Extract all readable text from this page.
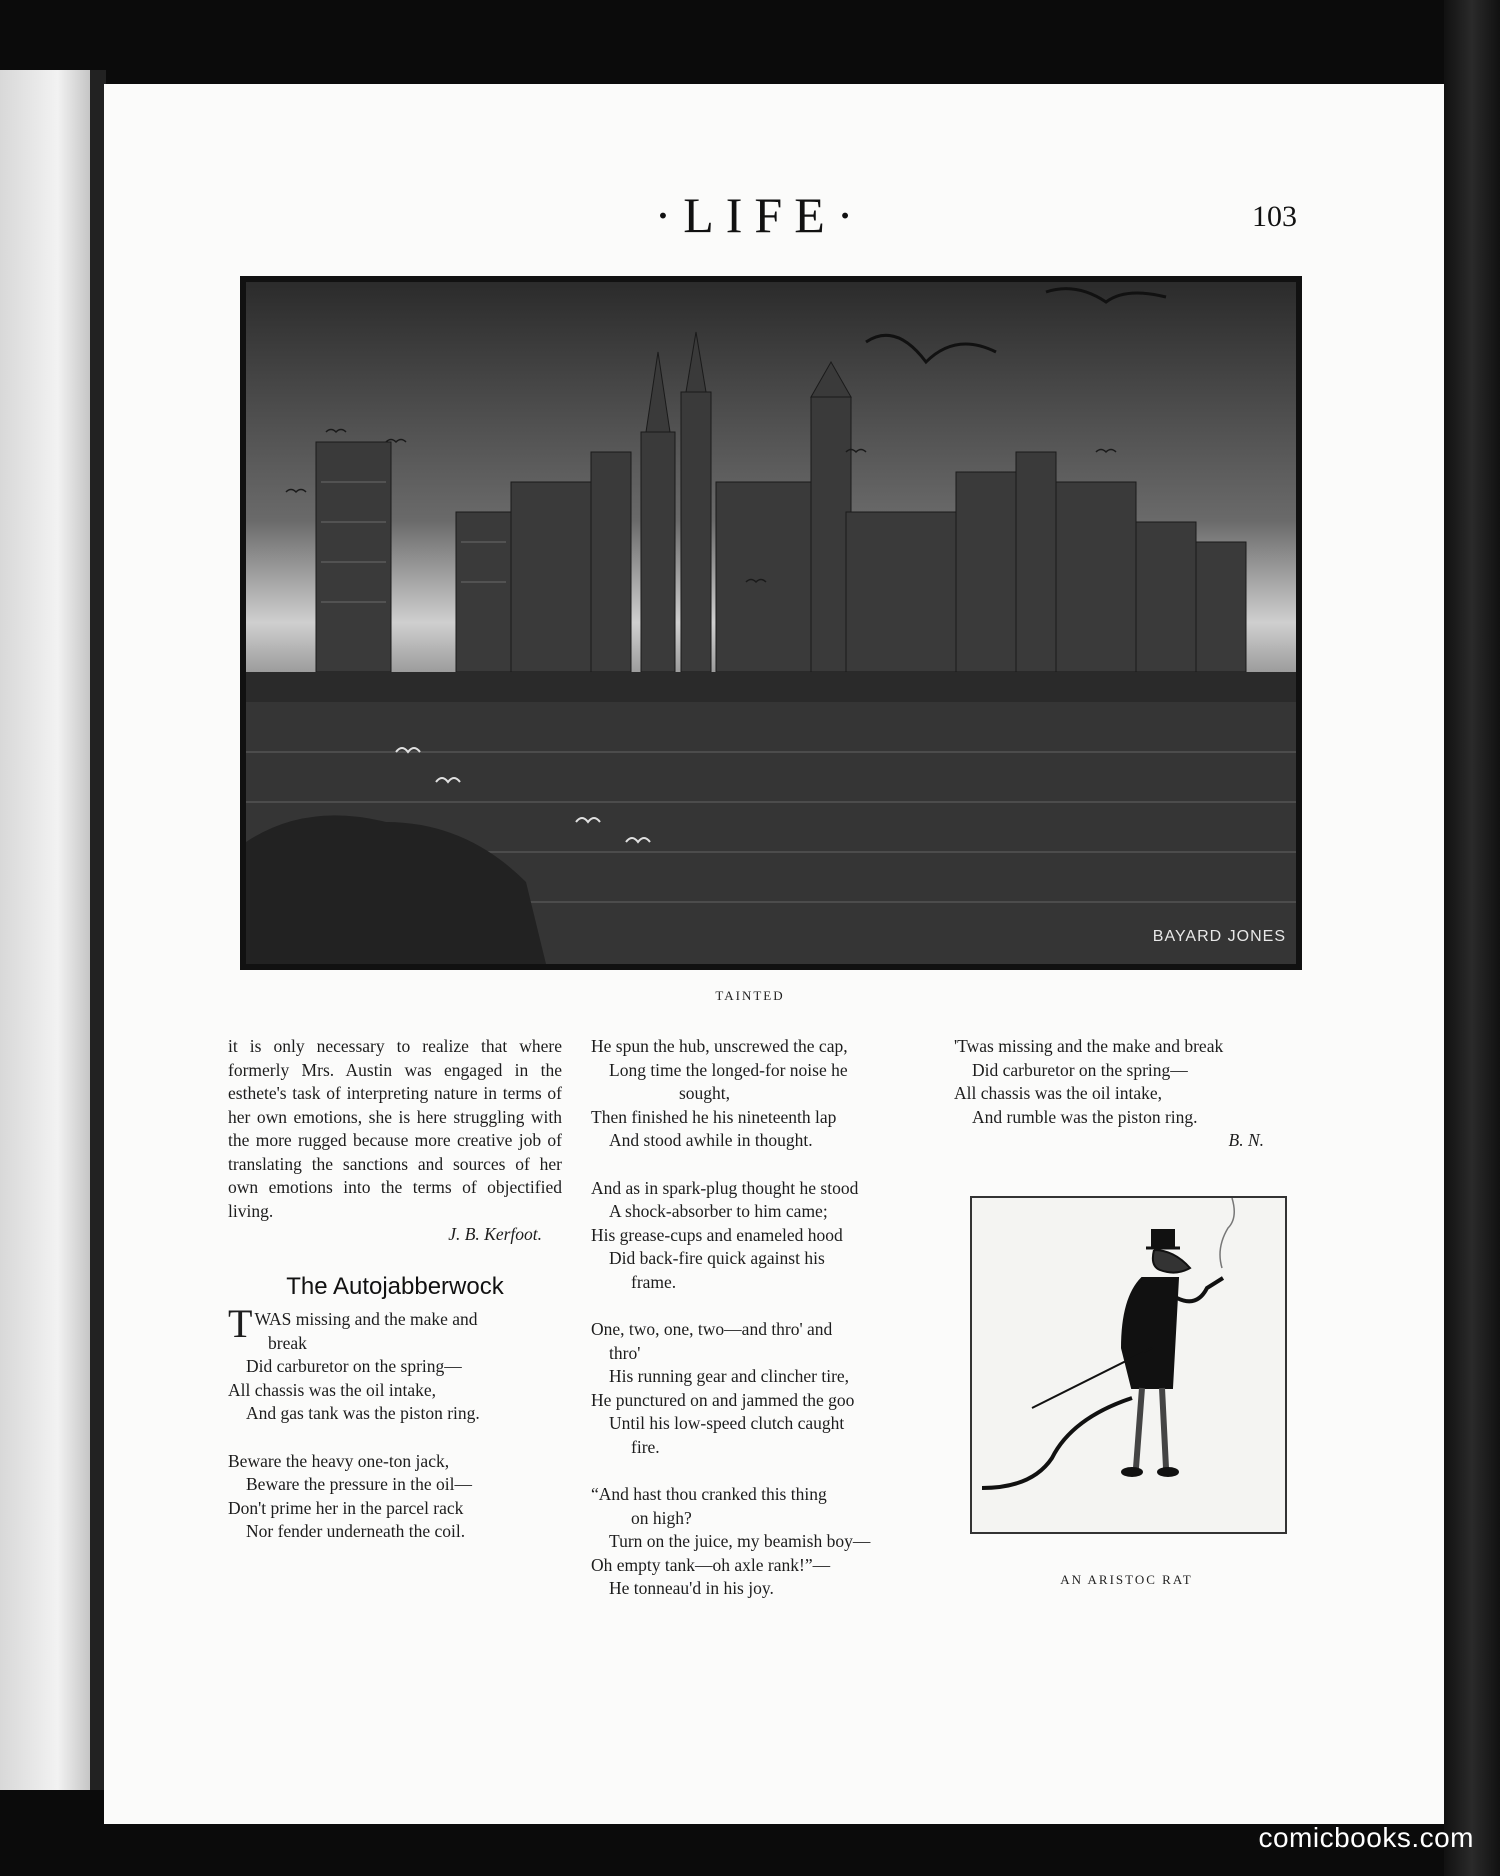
·LIFE·	103
BAYARD JONES
TAINTED

it is only necessary to realize that where formerly Mrs. Austin was engaged in the esthete's task of interpreting nature in terms of her own emotions, she is here struggling with the more rugged because more creative job of translating the sanctions and sources of her own emotions into the terms of objectified living.

J. B. Kerfoot.

The Autojabberwock

TWAS missing and the make and
break
Did carburetor on the spring—
All chassis was the oil intake,
And gas tank was the piston ring.

Beware the heavy one-ton jack,
Beware the pressure in the oil—
Don't prime her in the parcel rack
Nor fender underneath the coil.

He spun the hub, unscrewed the cap,
Long time the longed-for noise he
sought,
Then finished he his nineteenth lap
And stood awhile in thought.

And as in spark-plug thought he stood
A shock-absorber to him came;
His grease-cups and enameled hood
Did back-fire quick against his
frame.

One, two, one, two—and thro' and
thro'
His running gear and clincher tire,
He punctured on and jammed the goo
Until his low-speed clutch caught
fire.

“And hast thou cranked this thing
on high?
Turn on the juice, my beamish boy—
Oh empty tank—oh axle rank!”—
He tonneau'd in his joy.

'Twas missing and the make and break
Did carburetor on the spring—
All chassis was the oil intake,
And rumble was the piston ring.

B. N.

AN ARISTOC RAT
comicbooks.com
